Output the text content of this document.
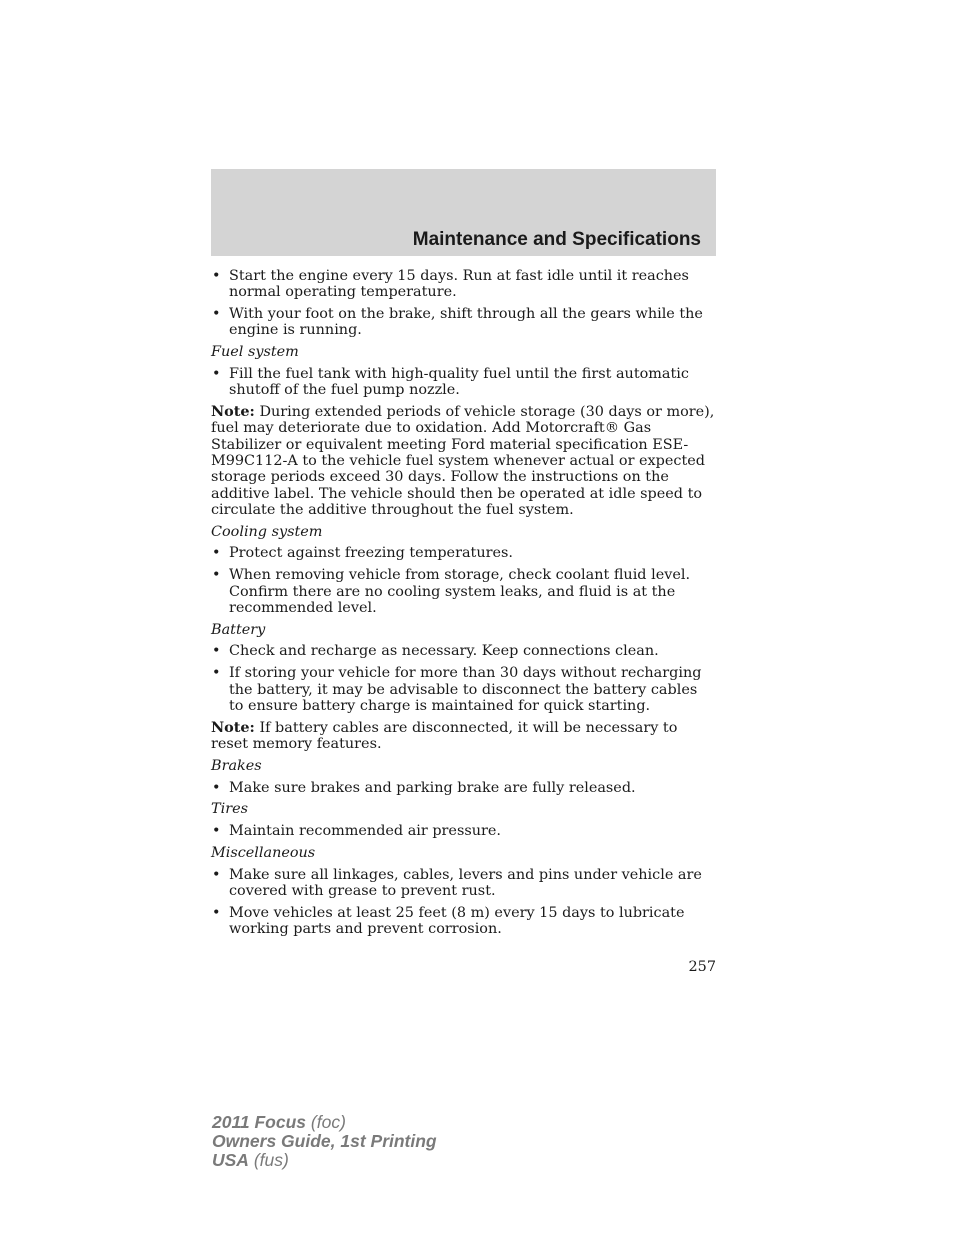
Maintenance and Specifications
• Start the engine every 15 days. Run at fast idle until it reaches normal operating temperature.
• With your foot on the brake, shift through all the gears while the engine is running.
Fuel system
• Fill the fuel tank with high-quality fuel until the first automatic shutoff of the fuel pump nozzle.
Note: During extended periods of vehicle storage (30 days or more), fuel may deteriorate due to oxidation. Add Motorcraft® Gas Stabilizer or equivalent meeting Ford material specification ESE-M99C112-A to the vehicle fuel system whenever actual or expected storage periods exceed 30 days. Follow the instructions on the additive label. The vehicle should then be operated at idle speed to circulate the additive throughout the fuel system.
Cooling system
• Protect against freezing temperatures.
• When removing vehicle from storage, check coolant fluid level. Confirm there are no cooling system leaks, and fluid is at the recommended level.
Battery
• Check and recharge as necessary. Keep connections clean.
• If storing your vehicle for more than 30 days without recharging the battery, it may be advisable to disconnect the battery cables to ensure battery charge is maintained for quick starting.
Note: If battery cables are disconnected, it will be necessary to reset memory features.
Brakes
• Make sure brakes and parking brake are fully released.
Tires
• Maintain recommended air pressure.
Miscellaneous
• Make sure all linkages, cables, levers and pins under vehicle are covered with grease to prevent rust.
• Move vehicles at least 25 feet (8 m) every 15 days to lubricate working parts and prevent corrosion.
257
2011 Focus (foc)
Owners Guide, 1st Printing
USA (fus)
